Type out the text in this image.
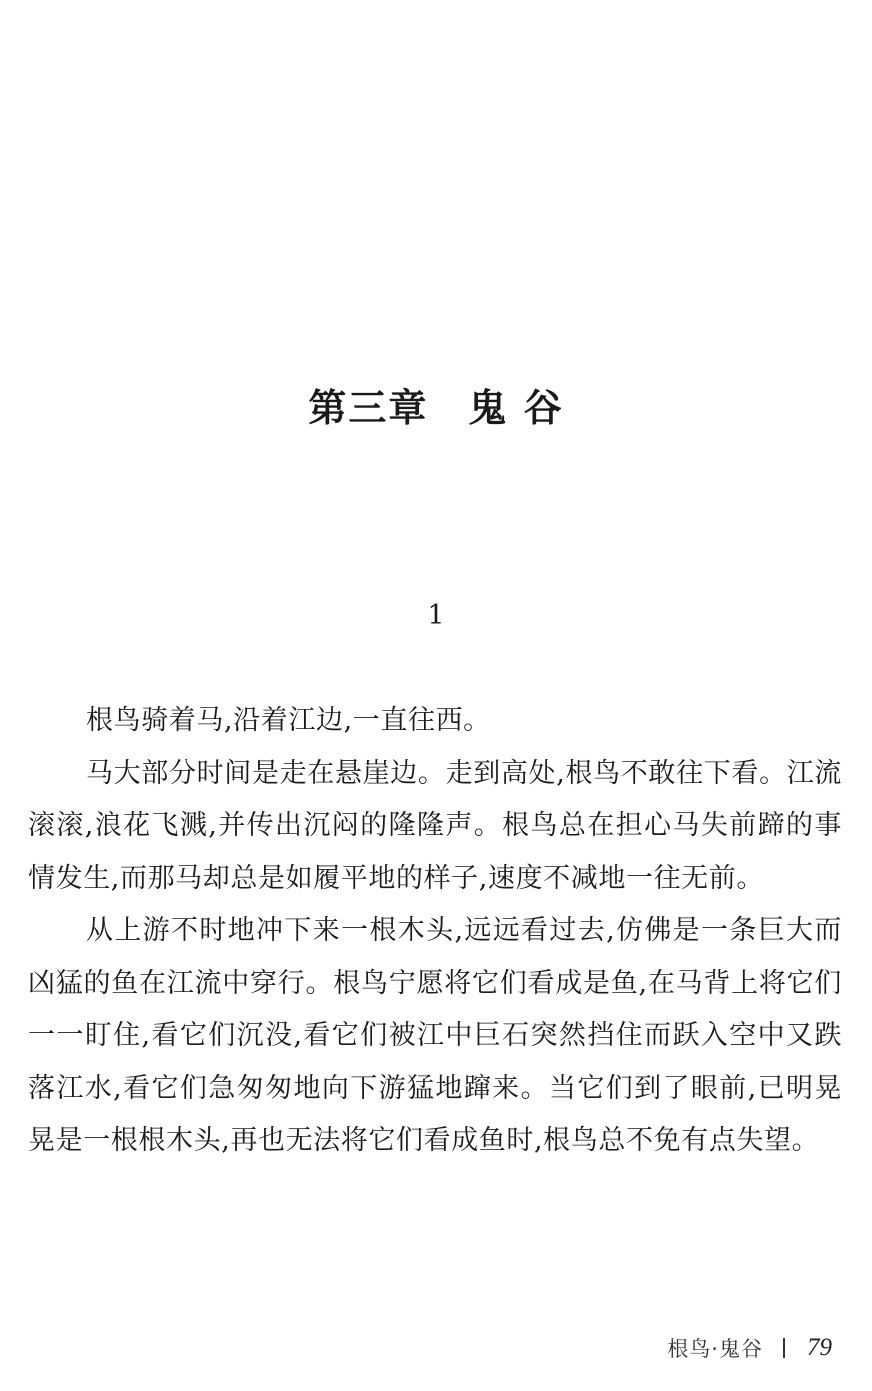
第三章　鬼 谷
1

根鸟骑着马,沿着江边,一直往西。

马大部分时间是走在悬崖边。走到高处,根鸟不敢往下看。江流滚滚,浪花飞溅,并传出沉闷的隆隆声。根鸟总在担心马失前蹄的事情发生,而那马却总是如履平地的样子,速度不减地一往无前。

从上游不时地冲下来一根木头,远远看过去,仿佛是一条巨大而凶猛的鱼在江流中穿行。根鸟宁愿将它们看成是鱼,在马背上将它们一一盯住,看它们沉没,看它们被江中巨石突然挡住而跃入空中又跌落江水,看它们急匆匆地向下游猛地蹿来。当它们到了眼前,已明晃晃是一根根木头,再也无法将它们看成鱼时,根鸟总不免有点失望。

根鸟·鬼谷 79
